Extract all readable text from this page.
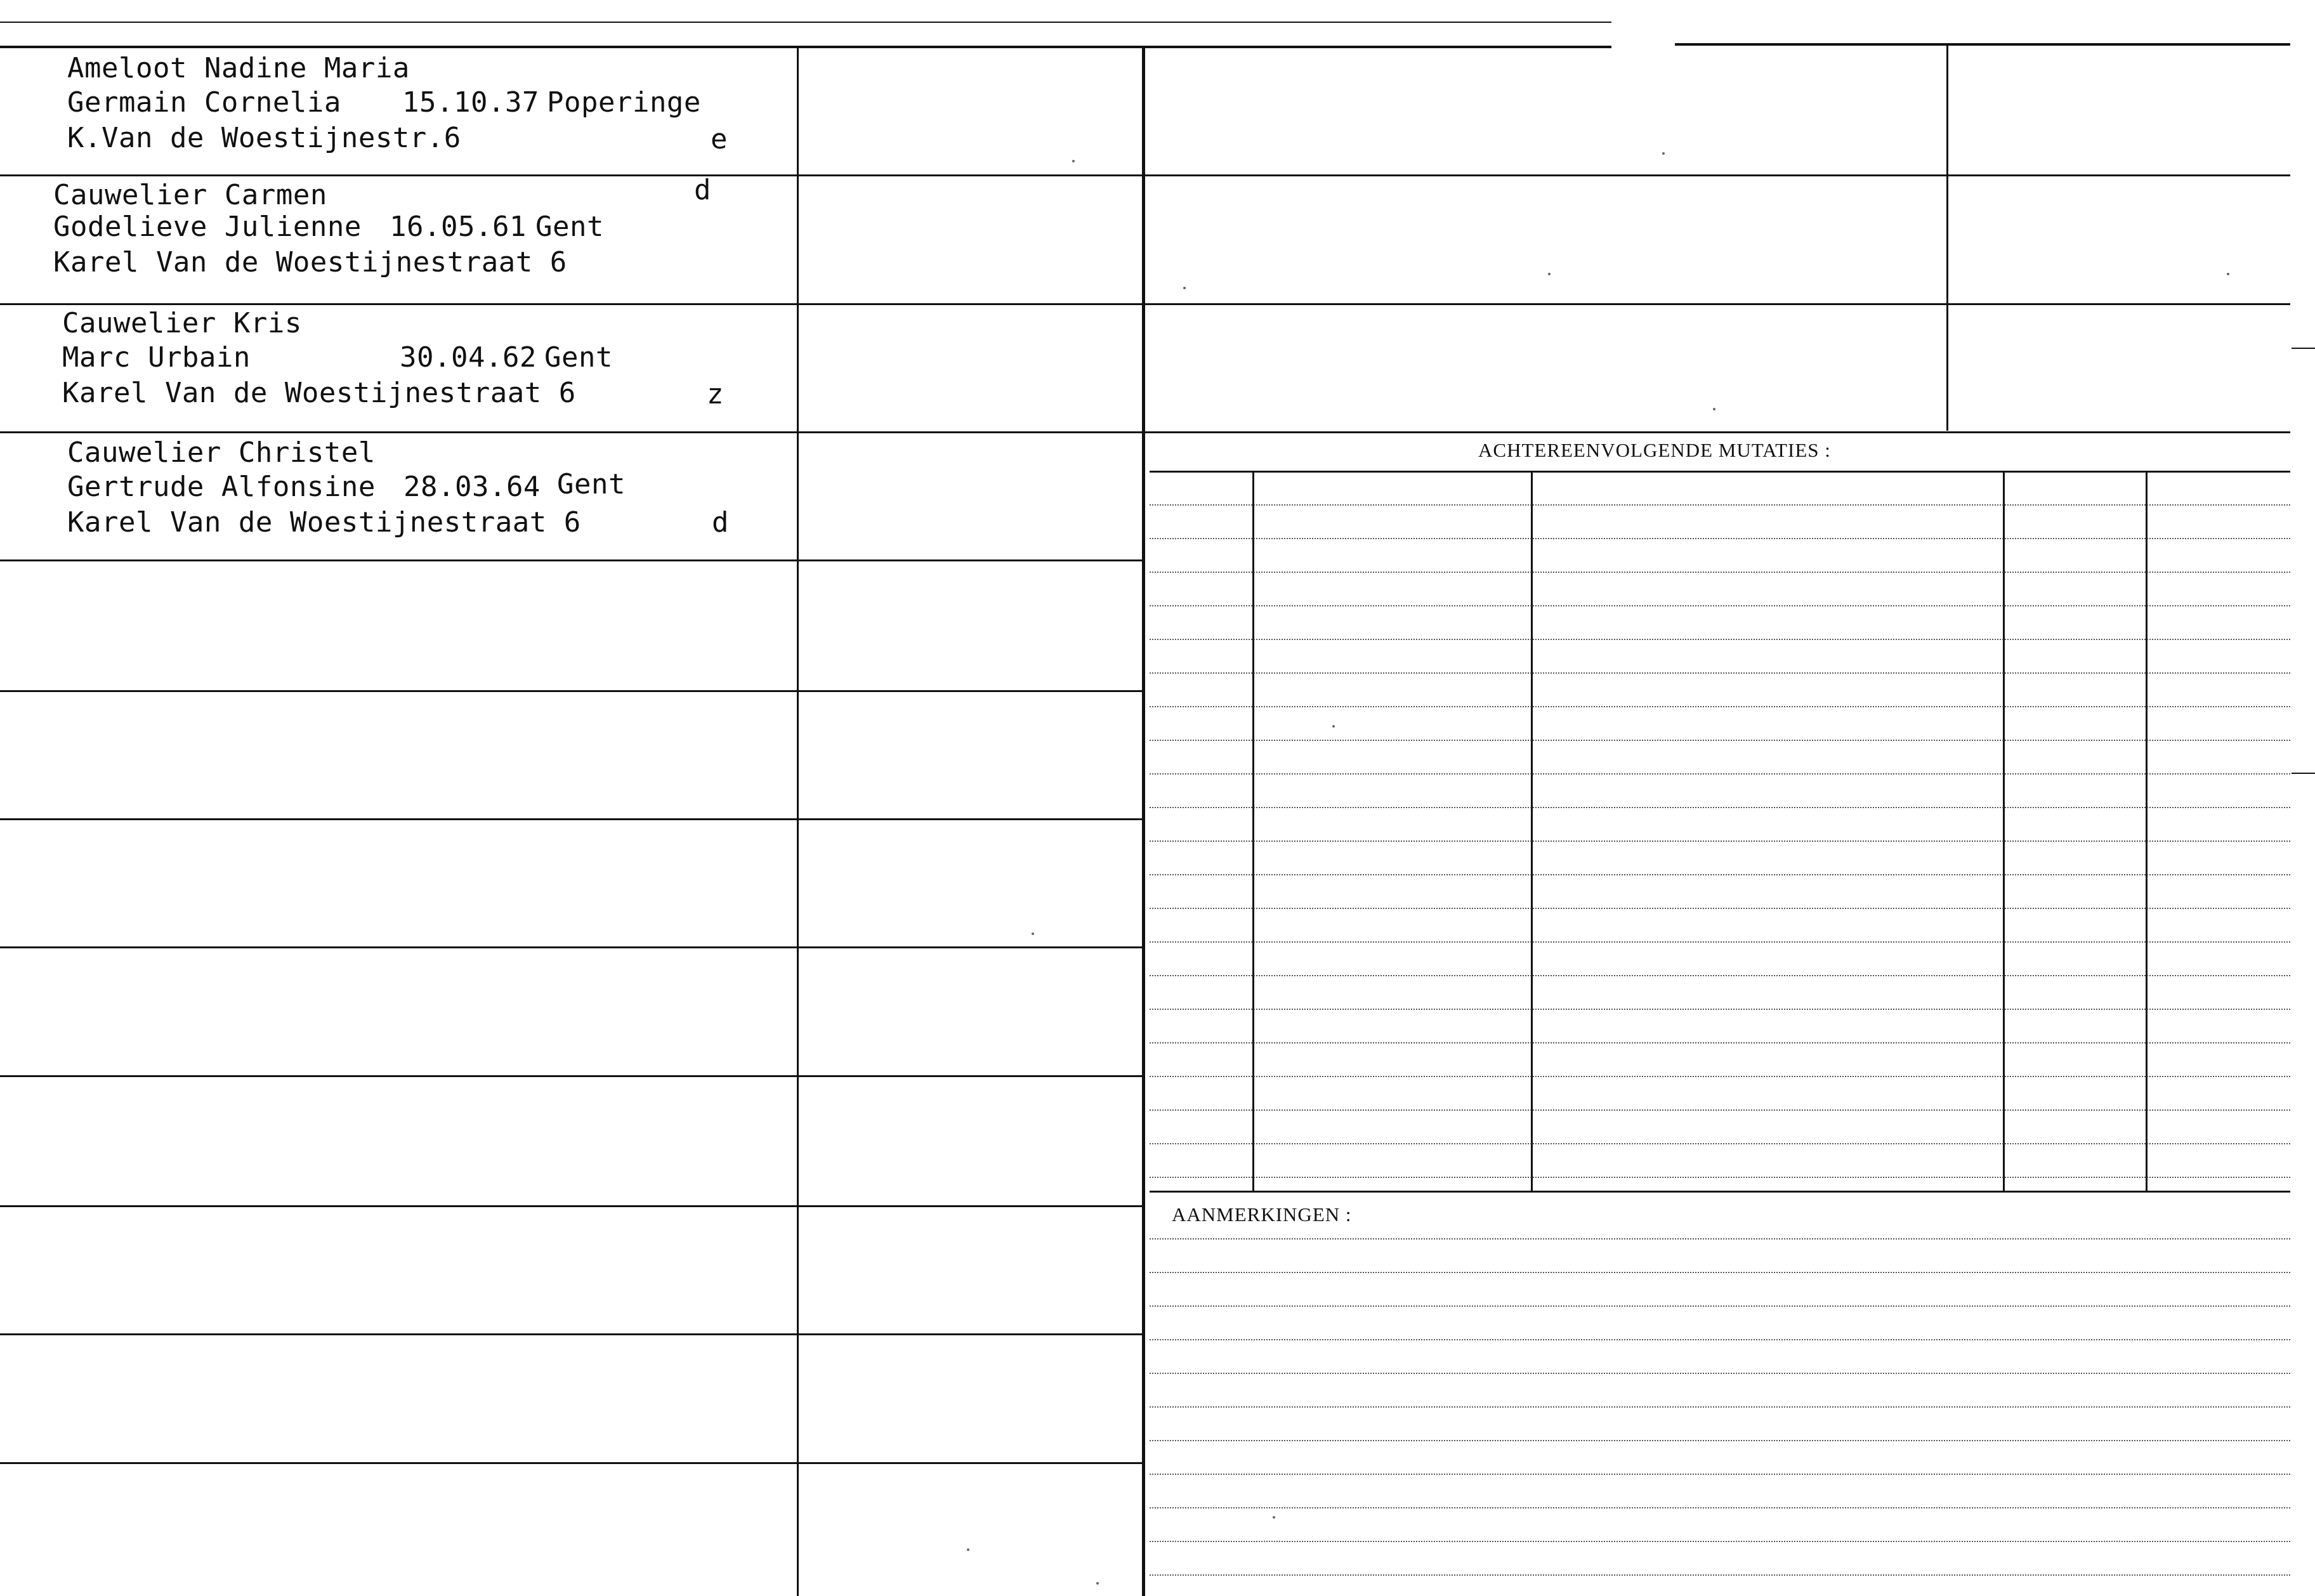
ACHTEREENVOLGENDE MUTATIES :
AANMERKINGEN :
Ameloot Nadine Maria
Germain Cornelia 15.10.37 Poperinge
K.Van de Woestijnestr.6	e
Cauwelier Carmen
Godelieve Julienne 16.05.61 Gent
Karel Van de Woestijnestraat 6
d
Cauwelier Kris
Marc Urbain	30.04.62 Gent
Karel Van de Woestijnestraat 6	z
Cauwelier Christel
Gertrude Alfonsine 28.03.64 Gent
Karel Van de Woestijnestraat 6	d
